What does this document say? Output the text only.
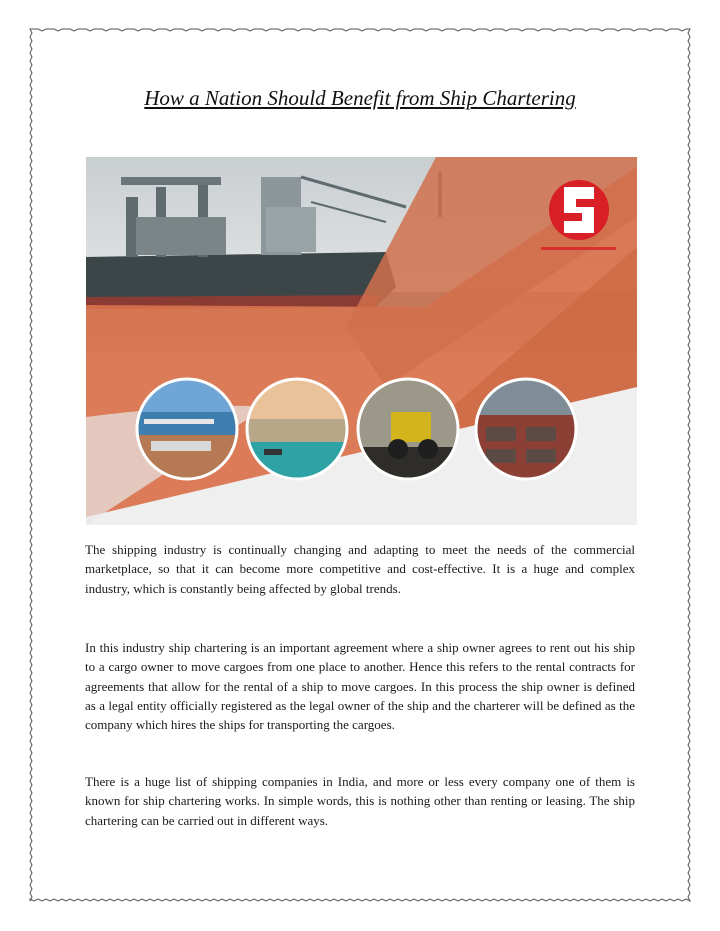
How a Nation Should Benefit from Ship Chartering

The shipping industry is continually changing and adapting to meet the needs of the commercial marketplace, so that it can become more competitive and cost-effective. It is a huge and complex industry, which is constantly being affected by global trends.

In this industry ship chartering is an important agreement where a ship owner agrees to rent out his ship to a cargo owner to move cargoes from one place to another. Hence this refers to the rental contracts for agreements that allow for the rental of a ship to move cargoes. In this process the ship owner is defined as a legal entity officially registered as the legal owner of the ship and the charterer will be defined as the company which hires the ships for transporting the cargoes.

There is a huge list of shipping companies in India, and more or less every company one of them is known for ship chartering works. In simple words, this is nothing other than renting or leasing. The ship chartering can be carried out in different ways.
